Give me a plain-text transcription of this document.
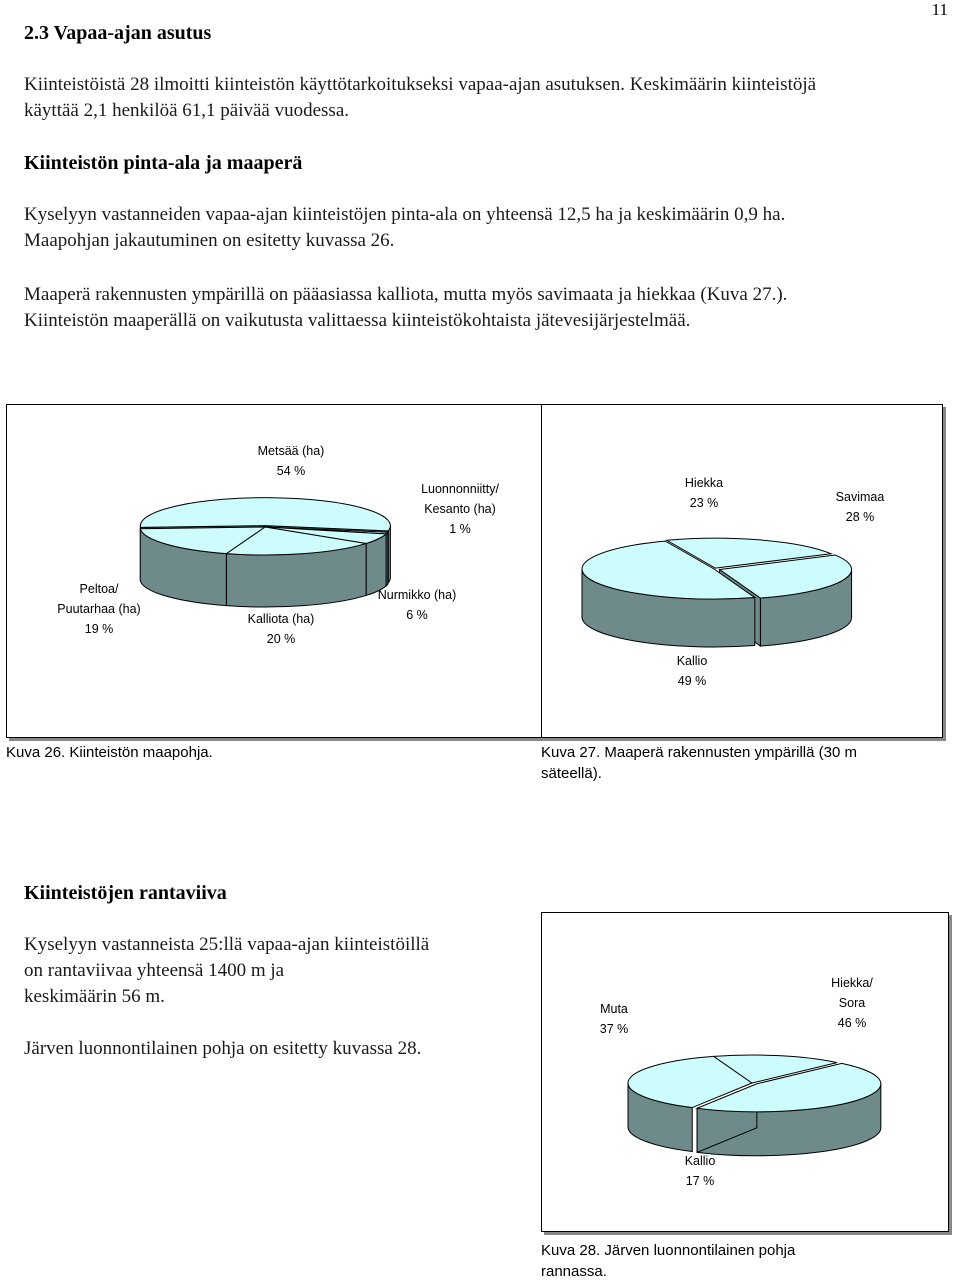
11
2.3 Vapaa-ajan asutus
Kiinteistöistä 28 ilmoitti kiinteistön käyttötarkoitukseksi vapaa-ajan asutuksen. Keskimäärin kiinteistöjä
käyttää 2,1 henkilöä 61,1 päivää vuodessa.
Kiinteistön pinta-ala ja maaperä
Kyselyyn vastanneiden vapaa-ajan kiinteistöjen pinta-ala on yhteensä 12,5 ha ja keskimäärin 0,9 ha.
Maapohjan jakautuminen on esitetty kuvassa 26.
Maaperä rakennusten ympärillä on pääasiassa kalliota, mutta myös savimaata ja hiekkaa (Kuva 27.).
Kiinteistön maaperällä on vaikutusta valittaessa kiinteistökohtaista jätevesijärjestelmää.
Metsää (ha) 54 %
Luonnonniitty/ Kesanto (ha) 1 %
Nurmikko (ha) 6 %
Kalliota (ha) 20 %
Peltoa/ Puutarhaa (ha) 19 %
Hiekka 23 %	Savimaa 28 %
Kallio 49 %
Kuva 26. Kiinteistön maapohja.	Kuva 27. Maaperä rakennusten ympärillä (30 m
säteellä).
Kiinteistöjen rantaviiva
Kyselyyn vastanneista 25:llä vapaa-ajan kiinteistöillä
on rantaviivaa yhteensä 1400 m ja
keskimäärin 56 m.
Järven luonnontilainen pohja on esitetty kuvassa 28.
Hiekka/ Sora 46 %
Muta 37 %
Kallio 17 %
Kuva 28. Järven luonnontilainen pohja
rannassa.
